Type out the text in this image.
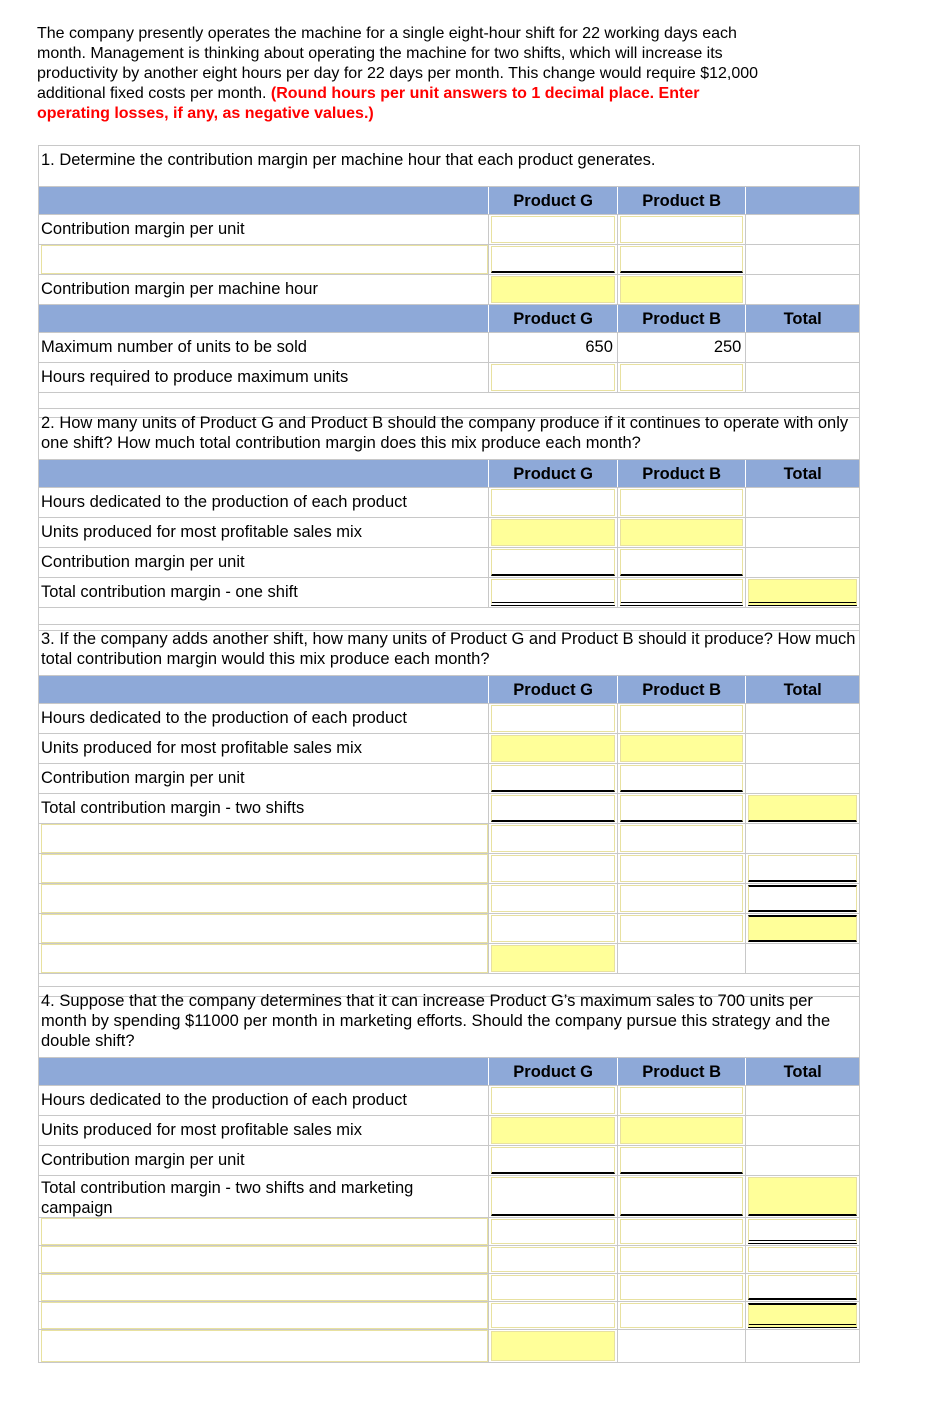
The company presently operates the machine for a single eight-hour shift for 22 working days each month. Management is thinking about operating the machine for two shifts, which will increase its productivity by another eight hours per day for 22 days per month. This change would require $12,000 additional fixed costs per month. (Round hours per unit answers to 1 decimal place. Enter operating losses, if any, as negative values.)
1. Determine the contribution margin per machine hour that each product generates.
Product G	Product B
Contribution margin per unit
Contribution margin per machine hour
Product G	Product B	Total
Maximum number of units to be sold	650	250
Hours required to produce maximum units
2. How many units of Product G and Product B should the company produce if it continues to operate with only one shift? How much total contribution margin does this mix produce each month?
Product G	Product B	Total
Hours dedicated to the production of each product
Units produced for most profitable sales mix
Contribution margin per unit
Total contribution margin - one shift
3. If the company adds another shift, how many units of Product G and Product B should it produce? How much total contribution margin would this mix produce each month?
Product G	Product B	Total
Hours dedicated to the production of each product
Units produced for most profitable sales mix
Contribution margin per unit
Total contribution margin - two shifts
4. Suppose that the company determines that it can increase Product G’s maximum sales to 700 units per month by spending $11000 per month in marketing efforts. Should the company pursue this strategy and the double shift?
Product G	Product B	Total
Hours dedicated to the production of each product
Units produced for most profitable sales mix
Contribution margin per unit
Total contribution margin - two shifts and marketing campaign
